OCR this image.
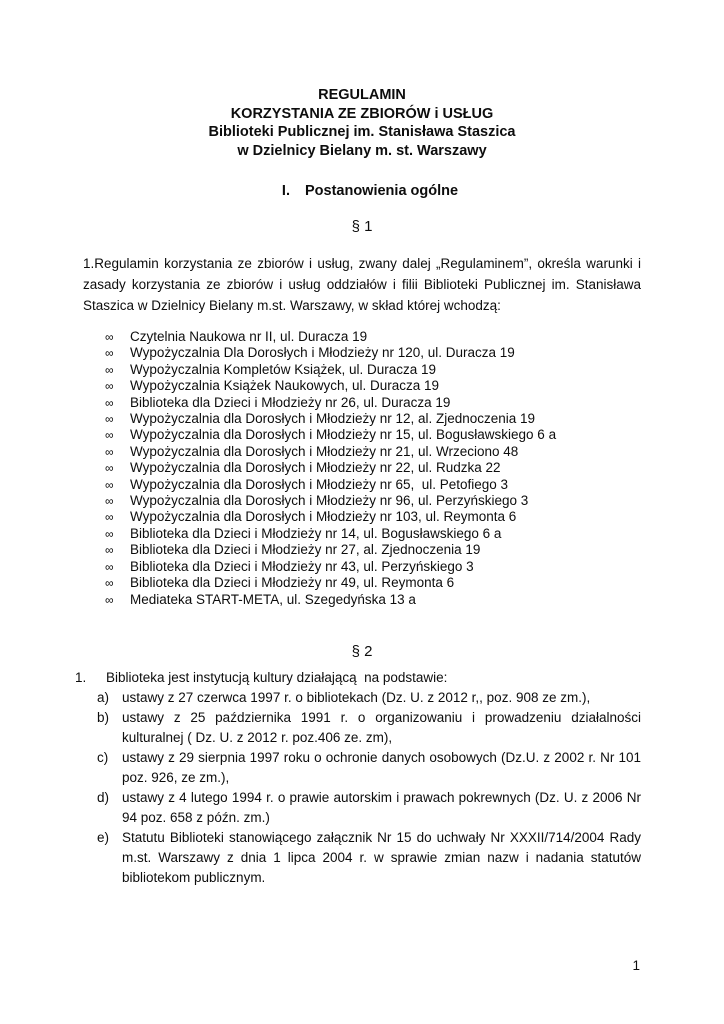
REGULAMIN
KORZYSTANIA ZE ZBIORÓW i USŁUG
Biblioteki Publicznej im. Stanisława Staszica
w Dzielnicy Bielany m. st. Warszawy
I. Postanowienia ogólne
§ 1

1.Regulamin korzystania ze zbiorów i usług, zwany dalej „Regulaminem”, określa warunki i zasady korzystania ze zbiorów i usług oddziałów i filii Biblioteki Publicznej im. Stanisława Staszica w Dzielnicy Bielany m.st. Warszawy, w skład której wchodzą:

∞	Czytelnia Naukowa nr II, ul. Duracza 19
∞	Wypożyczalnia Dla Dorosłych i Młodzieży nr 120, ul. Duracza 19
∞	Wypożyczalnia Kompletów Książek, ul. Duracza 19
∞	Wypożyczalnia Książek Naukowych, ul. Duracza 19
∞	Biblioteka dla Dzieci i Młodzieży nr 26, ul. Duracza 19
∞	Wypożyczalnia dla Dorosłych i Młodzieży nr 12, al. Zjednoczenia 19
∞	Wypożyczalnia dla Dorosłych i Młodzieży nr 15, ul. Bogusławskiego 6 a
∞	Wypożyczalnia dla Dorosłych i Młodzieży nr 21, ul. Wrzeciono 48
∞	Wypożyczalnia dla Dorosłych i Młodzieży nr 22, ul. Rudzka 22
∞	Wypożyczalnia dla Dorosłych i Młodzieży nr 65,  ul. Petofiego 3
∞	Wypożyczalnia dla Dorosłych i Młodzieży nr 96, ul. Perzyńskiego 3
∞	Wypożyczalnia dla Dorosłych i Młodzieży nr 103, ul. Reymonta 6
∞	Biblioteka dla Dzieci i Młodzieży nr 14, ul. Bogusławskiego 6 a
∞	Biblioteka dla Dzieci i Młodzieży nr 27, al. Zjednoczenia 19
∞	Biblioteka dla Dzieci i Młodzieży nr 43, ul. Perzyńskiego 3
∞	Biblioteka dla Dzieci i Młodzieży nr 49, ul. Reymonta 6
∞	Mediateka START-META, ul. Szegedyńska 13 a
§ 2
1.	Biblioteka jest instytucją kultury działającą  na podstawie:
a) ustawy z 27 czerwca 1997 r. o bibliotekach (Dz. U. z 2012 r,, poz. 908 ze zm.),
b) ustawy z 25 października 1991 r. o organizowaniu i prowadzeniu działalności kulturalnej ( Dz. U. z 2012 r. poz.406 ze. zm),
c)	ustawy z 29 sierpnia 1997 roku o ochronie danych osobowych (Dz.U. z 2002 r. Nr 101 poz. 926, ze zm.),
d) ustawy z 4 lutego 1994 r. o prawie autorskim i prawach pokrewnych (Dz. U. z 2006 Nr 94 poz. 658 z późn. zm.)
e) Statutu Biblioteki stanowiącego załącznik Nr 15 do uchwały Nr XXXII/714/2004 Rady m.st. Warszawy z dnia 1 lipca 2004 r. w sprawie zmian nazw i nadania statutów bibliotekom publicznym.
1
